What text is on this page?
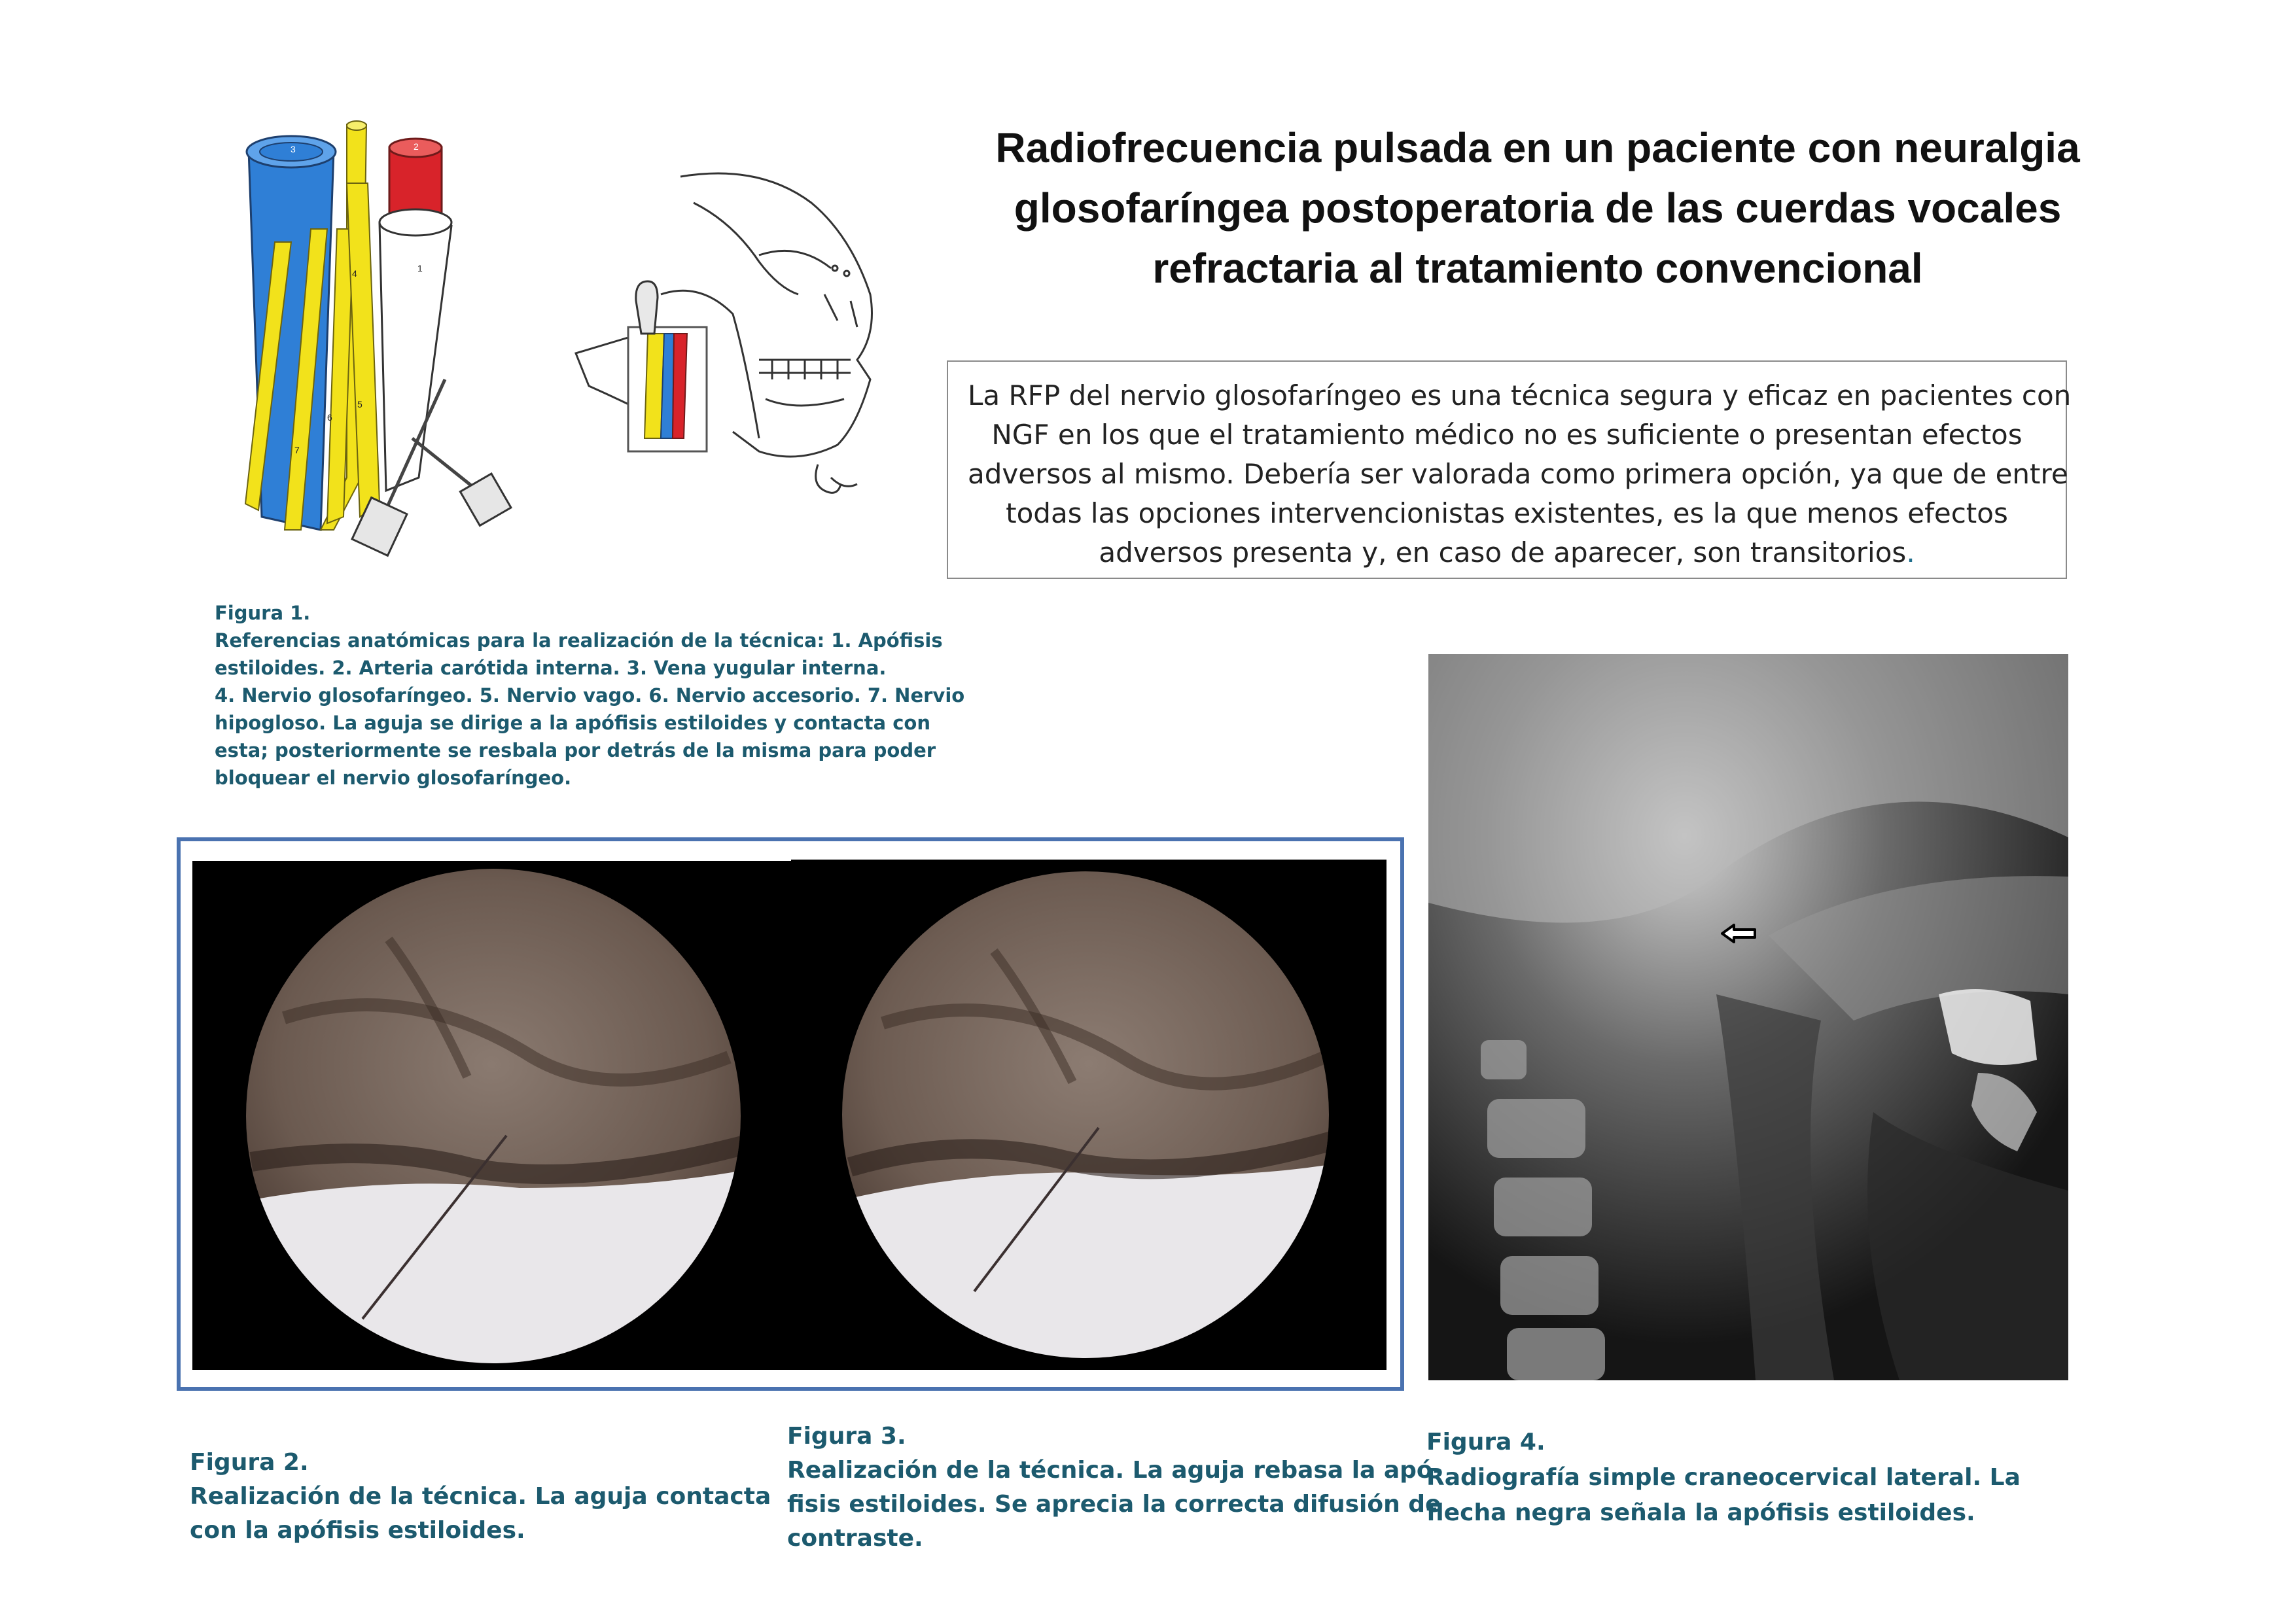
Radiofrecuencia pulsada en un paciente con neuralgia
glosofaríngea postoperatoria de las cuerdas vocales
refractaria al tratamiento convencional
La RFP del nervio glosofaríngeo es una técnica segura y eficaz en pacientes con
NGF en los que el tratamiento médico no es suficiente o presentan efectos
adversos al mismo. Debería ser valorada como primera opción, ya que de entre
todas las opciones intervencionistas existentes, es la que menos efectos
adversos presenta y, en caso de aparecer, son transitorios.
3	2
1
4
5
6
7
Figura 1.
Referencias anatómicas para la realización de la técnica: 1. Apófisis
estiloides. 2. Arteria carótida interna. 3. Vena yugular interna.
4. Nervio glosofaríngeo. 5. Nervio vago. 6. Nervio accesorio. 7. Nervio
hipogloso. La aguja se dirige a la apófisis estiloides y contacta con
esta; posteriormente se resbala por detrás de la misma para poder
bloquear el nervio glosofaríngeo.
Figura 2.
Realización de la técnica. La aguja contacta
con la apófisis estiloides.
Figura 3.
Realización de la técnica. La aguja rebasa la apó-
fisis estiloides. Se aprecia la correcta difusión de
contraste.
Figura 4.
Radiografía simple craneocervical lateral. La
flecha negra señala la apófisis estiloides.
